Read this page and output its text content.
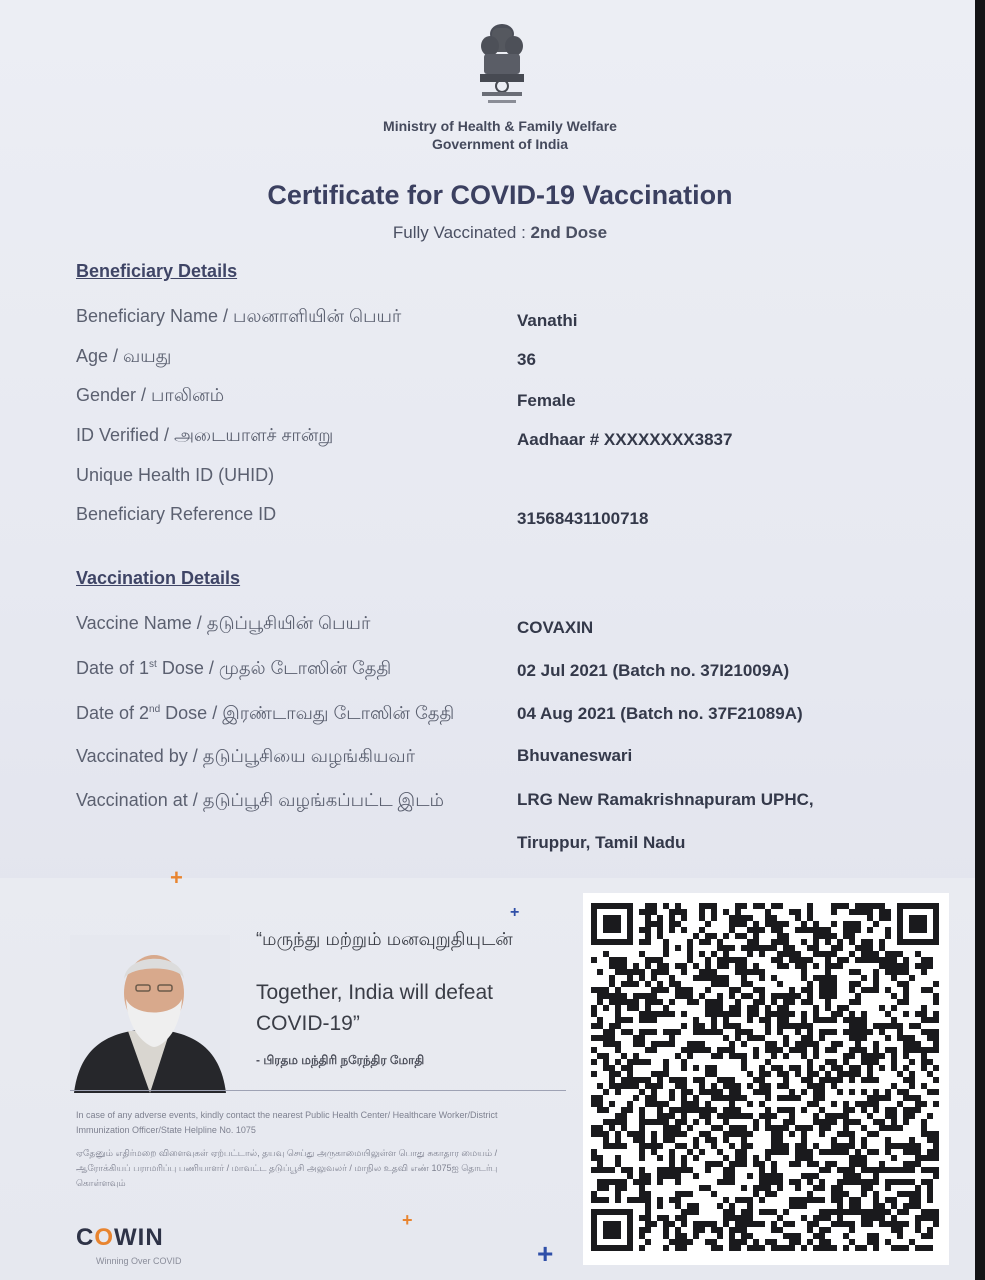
Ministry of Health & Family Welfare
Government of India
Certificate for COVID-19 Vaccination
Fully Vaccinated : 2nd Dose
Beneficiary Details
Beneficiary Name / பலனாளியின் பெயர்	Vanathi
Age / வயது	36
Gender / பாலினம்	Female
ID Verified / அடையாளச் சான்று	Aadhaar # XXXXXXXX3837
Unique Health ID (UHID)
Beneficiary Reference ID	31568431100718
Vaccination Details
Vaccine Name / தடுப்பூசியின் பெயர்	COVAXIN
Date of 1st Dose / முதல் டோஸின் தேதி	02 Jul 2021 (Batch no. 37I21009A)
Date of 2nd Dose / இரண்டாவது டோஸின் தேதி	04 Aug 2021 (Batch no. 37F21089A)
Vaccinated by / தடுப்பூசியை வழங்கியவர்	Bhuvaneswari
Vaccination at / தடுப்பூசி வழங்கப்பட்ட இடம்	LRG New Ramakrishnapuram UPHC,
Tiruppur, Tamil Nadu
+
+
+
+
“மருந்து மற்றும் மனவுறுதியுடன்
Together, India will defeat COVID-19”
- பிரதம மந்திரி நரேந்திர மோதி
In case of any adverse events, kindly contact the nearest Public Health Center/ Healthcare Worker/District Immunization Officer/State Helpline No. 1075
ஏதேனும் எதிர்மறை விளைவுகள் ஏற்பட்டால், தயவு செய்து அருகாமையிலுள்ள பொது சுகாதார மையம் / ஆரோக்கியப் பராமரிப்பு பணியாளர் / மாவட்ட தடுப்பூசி அலுவலர் / மாநில உதவி எண் 1075ஐ தொடர்பு கொள்ளவும்
COWIN
Winning Over COVID
